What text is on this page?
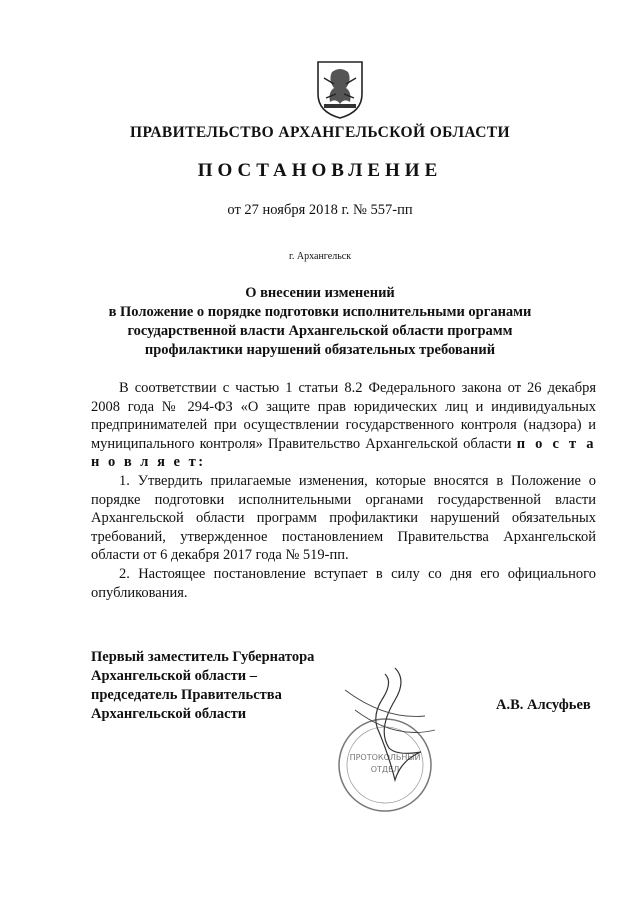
ПРАВИТЕЛЬСТВО АРХАНГЕЛЬСКОЙ ОБЛАСТИ
ПОСТАНОВЛЕНИЕ
от 27 ноября 2018 г. № 557-пп
г. Архангельск
О внесении изменений
в Положение о порядке подготовки исполнительными органами
государственной власти Архангельской области программ
профилактики нарушений обязательных требований

В соответствии с частью 1 статьи 8.2 Федерального закона от 26 декабря 2008 года № 294-ФЗ «О защите прав юридических лиц и индивидуальных предпринимателей при осуществлении государственного контроля (надзора) и муниципального контроля» Правительство Архангельской области п о с т а н о в л я е т:

1. Утвердить прилагаемые изменения, которые вносятся в Положение о порядке подготовки исполнительными органами государственной власти Архангельской области программ профилактики нарушений обязательных требований, утвержденное постановлением Правительства Архангельской области от 6 декабря 2017 года № 519-пп.

2. Настоящее постановление вступает в силу со дня его официального опубликования.

Первый заместитель Губернатора
Архангельской области –
председатель Правительства
Архангельской области
ПРОТОКОЛЬНЫЙ
ОТДЕЛ
А.В. Алсуфьев
